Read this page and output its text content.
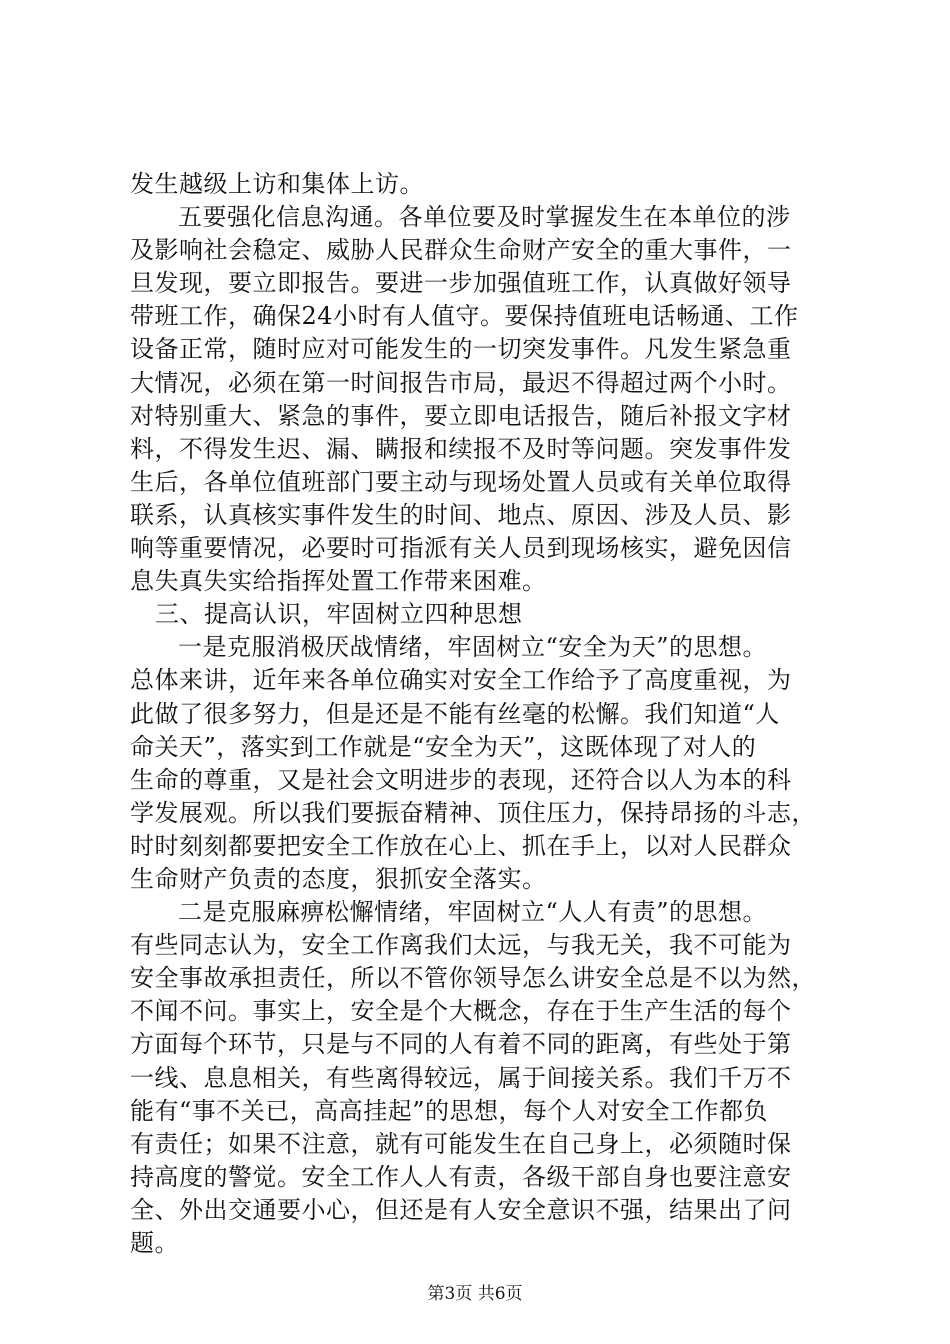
发生越级上访和集体上访。
五要强化信息沟通。各单位要及时掌握发生在本单位的涉
及影响社会稳定、威胁人民群众生命财产安全的重大事件，一
旦发现，要立即报告。要进一步加强值班工作，认真做好领导
带班工作，确保24小时有人值守。要保持值班电话畅通、工作
设备正常，随时应对可能发生的一切突发事件。凡发生紧急重
大情况，必须在第一时间报告市局，最迟不得超过两个小时。
对特别重大、紧急的事件，要立即电话报告，随后补报文字材
料，不得发生迟、漏、瞒报和续报不及时等问题。突发事件发
生后，各单位值班部门要主动与现场处置人员或有关单位取得
联系，认真核实事件发生的时间、地点、原因、涉及人员、影
响等重要情况，必要时可指派有关人员到现场核实，避免因信
息失真失实给指挥处置工作带来困难。
三、提高认识，牢固树立四种思想
一是克服消极厌战情绪，牢固树立“安全为天”的思想。
总体来讲，近年来各单位确实对安全工作给予了高度重视，为
此做了很多努力，但是还是不能有丝毫的松懈。我们知道“人
命关天”，落实到工作就是“安全为天”，这既体现了对人的
生命的尊重，又是社会文明进步的表现，还符合以人为本的科
学发展观。所以我们要振奋精神、顶住压力，保持昂扬的斗志，
时时刻刻都要把安全工作放在心上、抓在手上，以对人民群众
生命财产负责的态度，狠抓安全落实。
二是克服麻痹松懈情绪，牢固树立“人人有责”的思想。
有些同志认为，安全工作离我们太远，与我无关，我不可能为
安全事故承担责任，所以不管你领导怎么讲安全总是不以为然，
不闻不问。事实上，安全是个大概念，存在于生产生活的每个
方面每个环节，只是与不同的人有着不同的距离，有些处于第
一线、息息相关，有些离得较远，属于间接关系。我们千万不
能有“事不关已，高高挂起”的思想，每个人对安全工作都负
有责任；如果不注意，就有可能发生在自己身上，必须随时保
持高度的警觉。安全工作人人有责，各级干部自身也要注意安
全、外出交通要小心，但还是有人安全意识不强，结果出了问
题。
第3页 共6页
